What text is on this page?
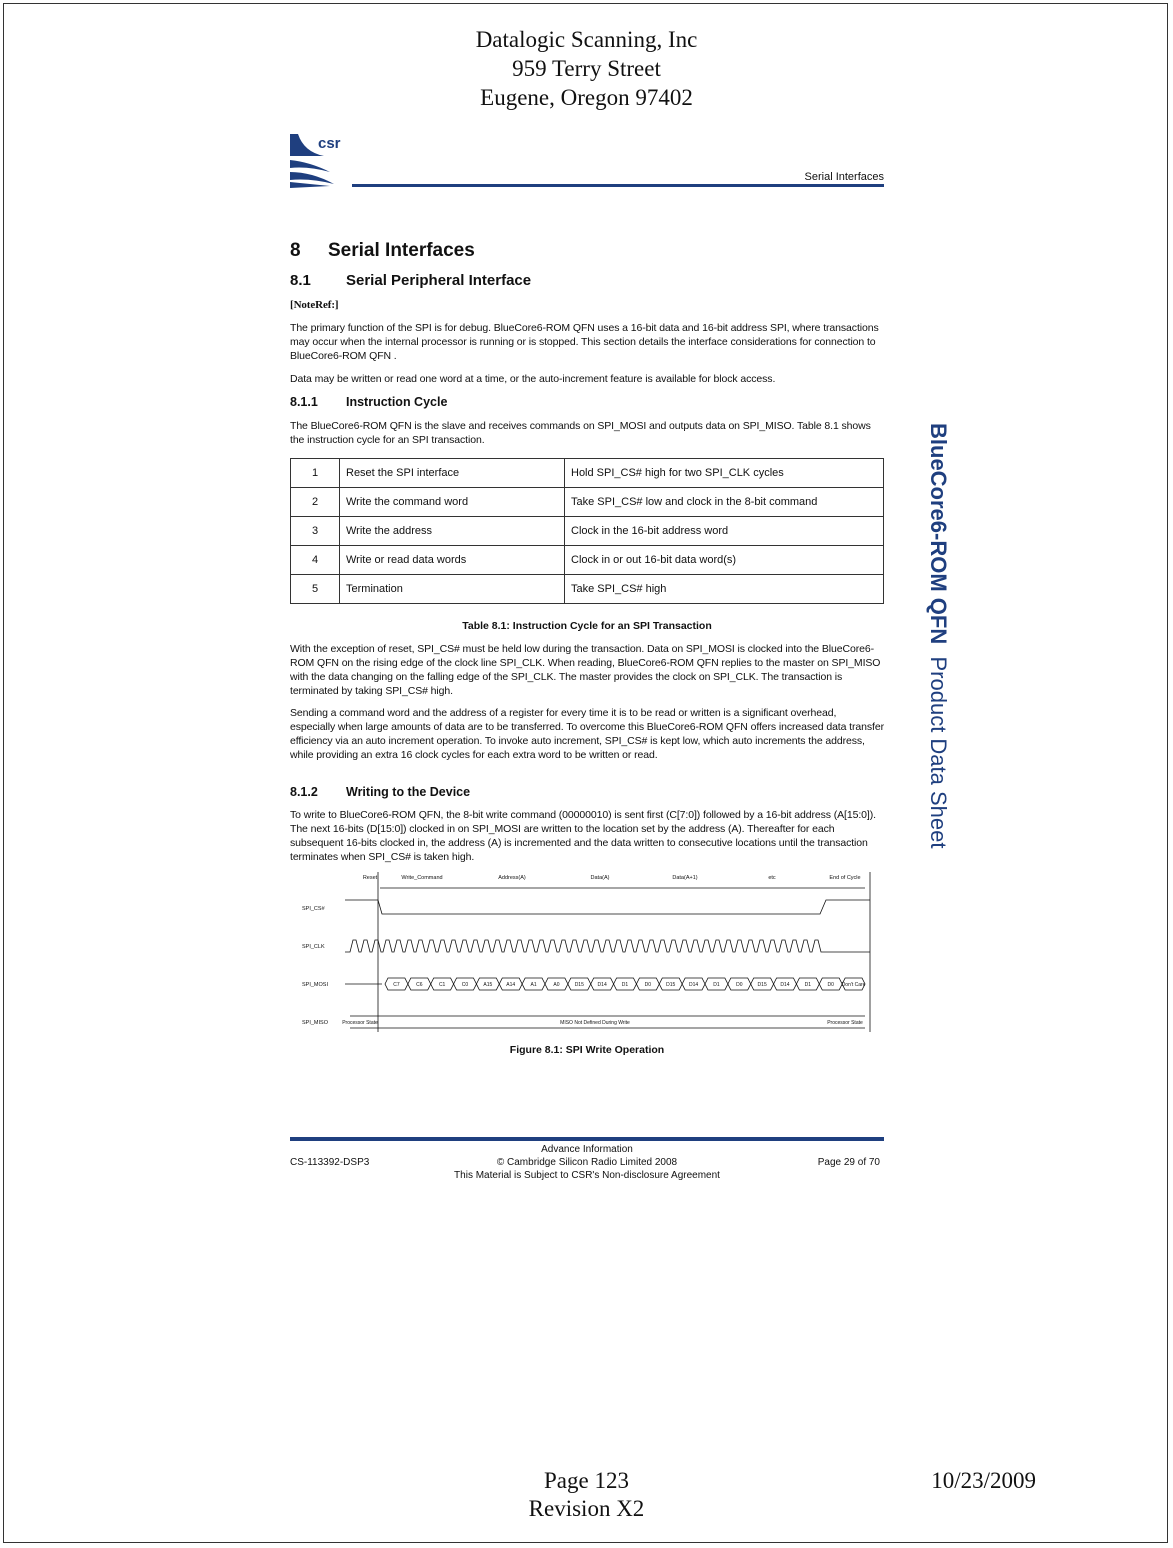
Datalogic Scanning, Inc
959 Terry Street
Eugene, Oregon 97402
csr
Serial Interfaces
8 Serial Interfaces
8.1 Serial Peripheral Interface
[NoteRef:]
The primary function of the SPI is for debug. BlueCore6-ROM QFN uses a 16-bit data and 16-bit address SPI, where transactions may occur when the internal processor is running or is stopped. This section details the interface considerations for connection to BlueCore6-ROM QFN .
Data may be written or read one word at a time, or the auto-increment feature is available for block access.
8.1.1 Instruction Cycle
The BlueCore6-ROM QFN is the slave and receives commands on SPI_MOSI and outputs data on SPI_MISO. Table 8.1 shows the instruction cycle for an SPI transaction.
1	Reset the SPI interface	Hold SPI_CS# high for two SPI_CLK cycles
2	Write the command word	Take SPI_CS# low and clock in the 8-bit command
3	Write the address	Clock in the 16-bit address word
4	Write or read data words	Clock in or out 16-bit data word(s)
5	Termination	Take SPI_CS# high
Table 8.1: Instruction Cycle for an SPI Transaction
With the exception of reset, SPI_CS# must be held low during the transaction. Data on SPI_MOSI is clocked into the BlueCore6-ROM QFN on the rising edge of the clock line SPI_CLK. When reading, BlueCore6-ROM QFN replies to the master on SPI_MISO with the data changing on the falling edge of the SPI_CLK. The master provides the clock on SPI_CLK. The transaction is terminated by taking SPI_CS# high.
Sending a command word and the address of a register for every time it is to be read or written is a significant overhead, especially when large amounts of data are to be transferred. To overcome this BlueCore6-ROM QFN offers increased data transfer efficiency via an auto increment operation. To invoke auto increment, SPI_CS# is kept low, which auto increments the address, while providing an extra 16 clock cycles for each extra word to be written or read.
8.1.2 Writing to the Device
To write to BlueCore6-ROM QFN, the 8-bit write command (00000010) is sent first (C[7:0]) followed by a 16-bit address (A[15:0]). The next 16-bits (D[15:0]) clocked in on SPI_MOSI are written to the location set by the address (A). Thereafter for each subsequent 16-bits clocked in, the address (A) is incremented and the data written to consecutive locations until the transaction terminates when SPI_CS# is taken high.
Reset	Write_Command	Address(A)	Data(A)	Data(A+1)	etc	End of Cycle
SPI_CS#
SPI_CLK
SPI_MOSI
SPI_MISO
C7	C6	C1	C0	A15	A14	A1	A0	D15	D14	D1	D0	D15	D14	D1	D0	D15	D14	D1	D0 Don't Care
Processor State	MISO Not Defined During Write	Processor State
Figure 8.1: SPI Write Operation
BlueCore6-ROM QFN  Product Data Sheet
Advance Information
© Cambridge Silicon Radio Limited 2008
This Material is Subject to CSR's Non-disclosure Agreement
CS-113392-DSP3	Page 29 of 70
Page 123
Revision X2
10/23/2009
